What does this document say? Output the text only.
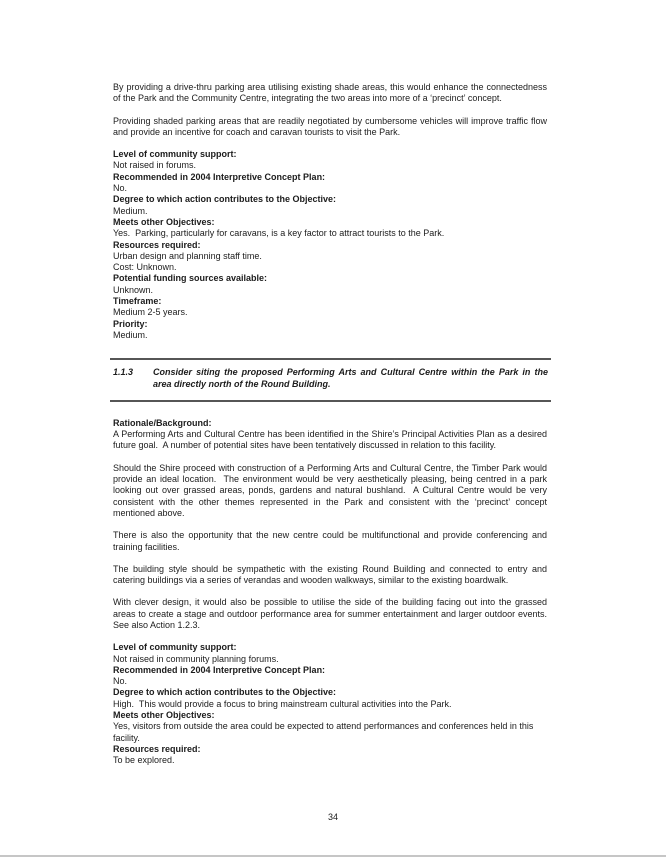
By providing a drive-thru parking area utilising existing shade areas, this would enhance the connectedness of the Park and the Community Centre, integrating the two areas into more of a ‘precinct’ concept.

Providing shaded parking areas that are readily negotiated by cumbersome vehicles will improve traffic flow and provide an incentive for coach and caravan tourists to visit the Park.

Level of community support:
Not raised in forums.
Recommended in 2004 Interpretive Concept Plan:
No.
Degree to which action contributes to the Objective:
Medium.
Meets other Objectives:
Yes.  Parking, particularly for caravans, is a key factor to attract tourists to the Park.
Resources required:
Urban design and planning staff time.
Cost: Unknown.
Potential funding sources available:
Unknown.
Timeframe:
Medium 2-5 years.
Priority:
Medium.
1.1.3	Consider siting the proposed Performing Arts and Cultural Centre within the Park in the area directly north of the Round Building.
Rationale/Background:

A Performing Arts and Cultural Centre has been identified in the Shire’s Principal Activities Plan as a desired future goal.  A number of potential sites have been tentatively discussed in relation to this facility.

Should the Shire proceed with construction of a Performing Arts and Cultural Centre, the Timber Park would provide an ideal location.  The environment would be very aesthetically pleasing, being centred in a park looking out over grassed areas, ponds, gardens and natural bushland.  A Cultural Centre would be very consistent with the other themes represented in the Park and consistent with the ‘precinct’ concept mentioned above.

There is also the opportunity that the new centre could be multifunctional and provide conferencing and training facilities.

The building style should be sympathetic with the existing Round Building and connected to entry and catering buildings via a series of verandas and wooden walkways, similar to the existing boardwalk.

With clever design, it would also be possible to utilise the side of the building facing out into the grassed areas to create a stage and outdoor performance area for summer entertainment and larger outdoor events.  See also Action 1.2.3.

Level of community support:
Not raised in community planning forums.
Recommended in 2004 Interpretive Concept Plan:
No.
Degree to which action contributes to the Objective:
High.  This would provide a focus to bring mainstream cultural activities into the Park.
Meets other Objectives:
Yes, visitors from outside the area could be expected to attend performances and conferences held in this facility.
Resources required:
To be explored.
34
